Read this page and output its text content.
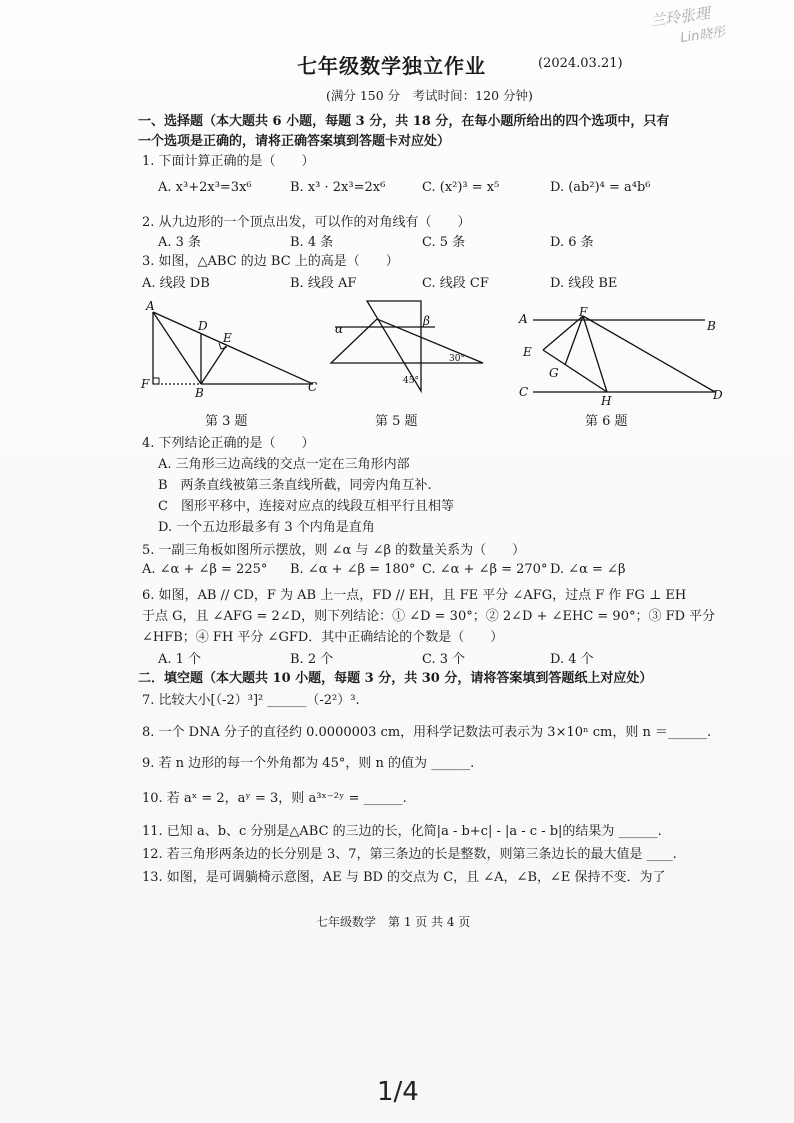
兰玲张理
Lin晓彤
七年级数学独立作业	(2024.03.21)
(满分 150 分　考试时间：120 分钟)
一、选择题（本大题共 6 小题，每题 3 分，共 18 分，在每小题所给出的四个选项中，只有
一个选项是正确的，请将正确答案填到答题卡对应处）
1. 下面计算正确的是（　　）
A. x³+2x³=3x⁶	B. x³ · 2x³=2x⁶	C. (x²)³ = x⁵	D. (ab²)⁴ = a⁴b⁶
2. 从九边形的一个顶点出发，可以作的对角线有（　　）
A. 3 条	B. 4 条	C. 5 条	D. 6 条
3. 如图，△ABC 的边 BC 上的高是（　　）
A. 线段 DB	B. 线段 AF	C. 线段 CF	D. 线段 BE
A
D
E
F
B	C
第 3 题
α
β
30°
45°
第 5 题
A	F
B
E
G
C
H	D
第 6 题
4. 下列结论正确的是（　　）
A. 三角形三边高线的交点一定在三角形内部
B　两条直线被第三条直线所截，同旁内角互补.
C　图形平移中，连接对应点的线段互相平行且相等
D. 一个五边形最多有 3 个内角是直角
5. 一副三角板如图所示摆放，则 ∠α 与 ∠β 的数量关系为（　　）
A. ∠α + ∠β = 225° B. ∠α + ∠β = 180° C. ∠α + ∠β = 270° D. ∠α = ∠β
6. 如图，AB // CD，F 为 AB 上一点，FD // EH，且 FE 平分 ∠AFG，过点 F 作 FG ⊥ EH
于点 G，且 ∠AFG = 2∠D，则下列结论：① ∠D = 30°；② 2∠D + ∠EHC = 90°；③ FD 平分
∠HFB；④ FH 平分 ∠GFD．其中正确结论的个数是（　　）
A. 1 个	B. 2 个	C. 3 个	D. 4 个
二．填空题（本大题共 10 小题，每题 3 分，共 30 分，请将答案填到答题纸上对应处）
7. 比较大小[（-2）³]² ______（-2²）³.
8. 一个 DNA 分子的直径约 0.0000003 cm，用科学记数法可表示为 3×10ⁿ cm，则 n ＝______.
9. 若 n 边形的每一个外角都为 45°，则 n 的值为 ______.
10. 若 aˣ = 2，aʸ = 3，则 a³ˣ⁻²ʸ = ______.
11. 已知 a、b、c 分别是△ABC 的三边的长，化简|a - b+c| - |a - c - b|的结果为 ______.
12. 若三角形两条边的长分别是 3、7，第三条边的长是整数，则第三条边长的最大值是 ____.
13. 如图，是可调躺椅示意图，AE 与 BD 的交点为 C，且 ∠A，∠B，∠E 保持不变．为了
七年级数学　第 1 页 共 4 页
1/4
